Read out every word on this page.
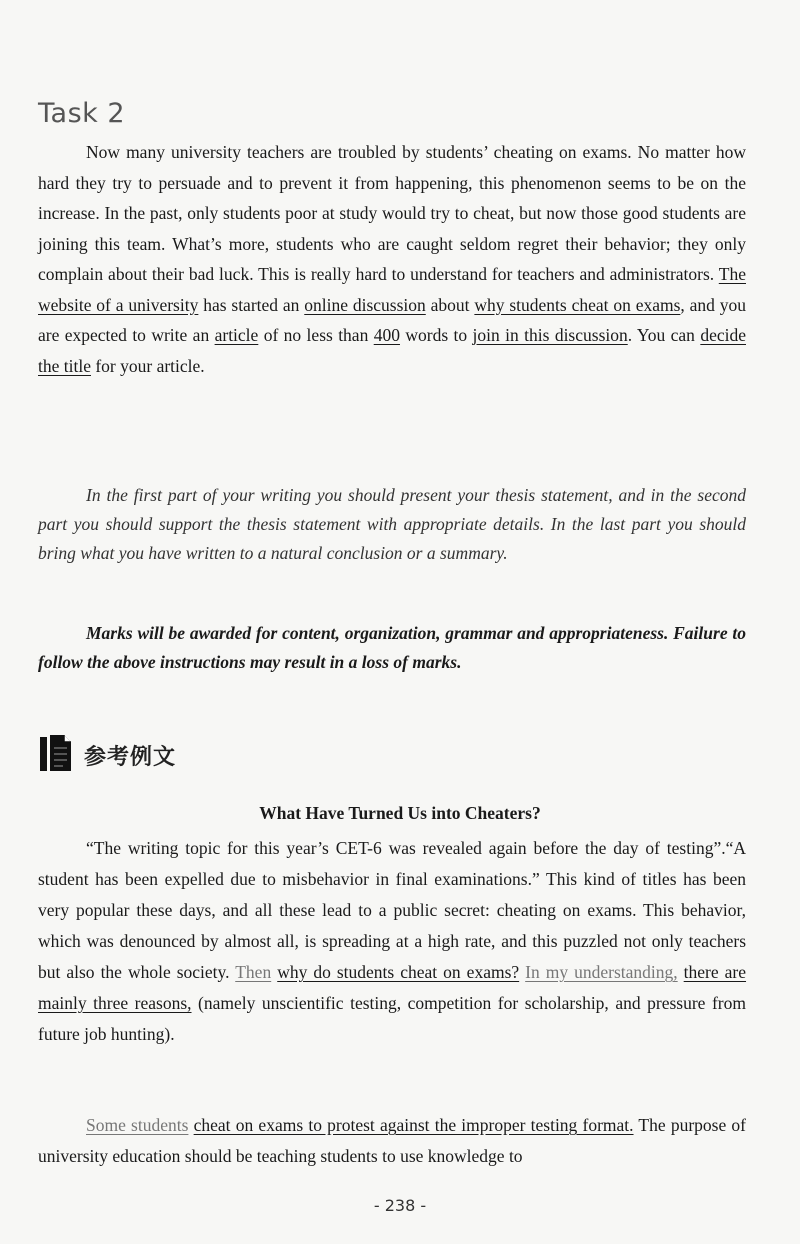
Task 2

Now many university teachers are troubled by students’ cheating on exams. No matter how hard they try to persuade and to prevent it from happening, this phenomenon seems to be on the increase. In the past, only students poor at study would try to cheat, but now those good students are joining this team. What’s more, students who are caught seldom regret their behavior; they only complain about their bad luck. This is really hard to understand for teachers and administrators. The website of a university has started an online discussion about why students cheat on exams, and you are expected to write an article of no less than 400 words to join in this discussion. You can decide the title for your article.

In the first part of your writing you should present your thesis statement, and in the second part you should support the thesis statement with appropriate details. In the last part you should bring what you have written to a natural conclusion or a summary.

Marks will be awarded for content, organization, grammar and appropriateness. Failure to follow the above instructions may result in a loss of marks.

参考例文
What Have Turned Us into Cheaters?

“The writing topic for this year’s CET-6 was revealed again before the day of testing”.“A student has been expelled due to misbehavior in final examinations.” This kind of titles has been very popular these days, and all these lead to a public secret: cheating on exams. This behavior, which was denounced by almost all, is spreading at a high rate, and this puzzled not only teachers but also the whole society. Then why do students cheat on exams? In my understanding, there are mainly three reasons, (namely unscientific testing, competition for scholarship, and pressure from future job hunting).

Some students cheat on exams to protest against the improper testing format. The purpose of university education should be teaching students to use knowledge to

- 238 -
